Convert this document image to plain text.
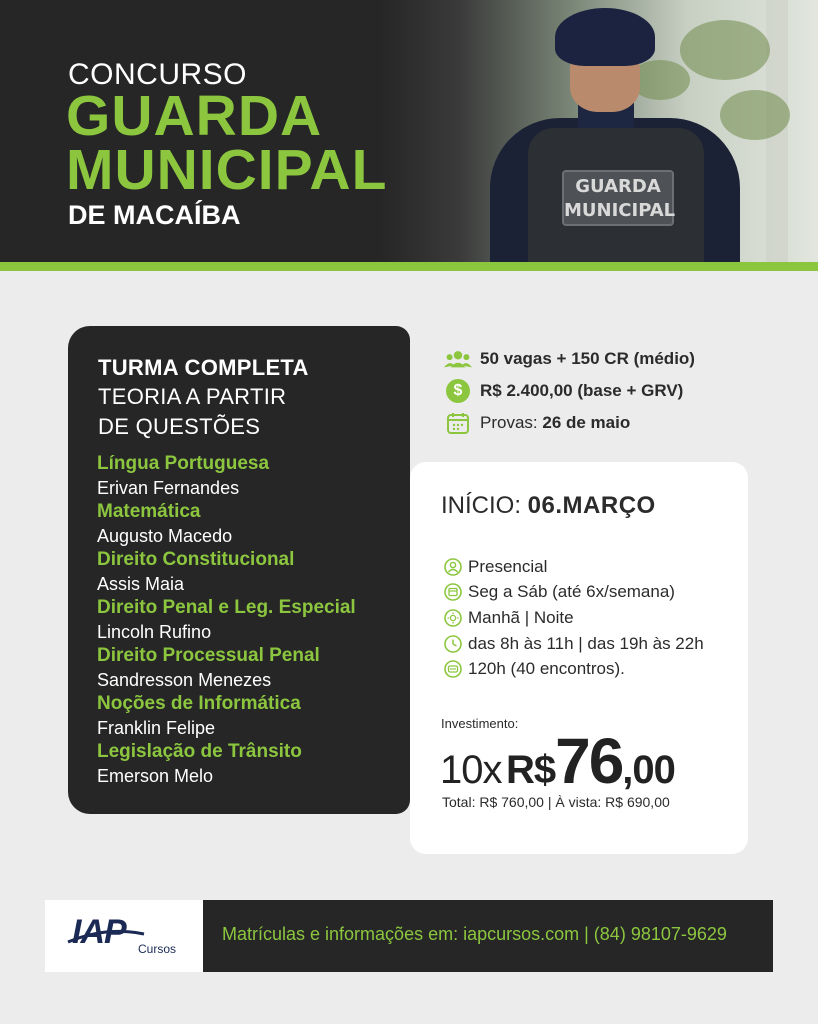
GUARDA
MUNICIPAL
CONCURSO
GUARDA
MUNICIPAL
DE MACAÍBA
TURMA COMPLETA
TEORIA A PARTIR
DE QUESTÕES
Língua Portuguesa
Erivan Fernandes
Matemática
Augusto Macedo
Direito Constitucional
Assis Maia
Direito Penal e Leg. Especial
Lincoln Rufino
Direito Processual Penal
Sandresson Menezes
Noções de Informática
Franklin Felipe
Legislação de Trânsito
Emerson Melo
50 vagas + 150 CR (médio)
$	R$ 2.400,00 (base + GRV)
Provas: 26 de maio
INÍCIO: 06.MARÇO
Presencial
Seg a Sáb (até 6x/semana)
Manhã | Noite
das 8h às 11h | das 19h às 22h
120h (40 encontros).
Investimento:
10x R$76,00
Total: R$ 760,00 | À vista: R$ 690,00
IAP Cursos
Matrículas e informações em: iapcursos.com | (84) 98107-9629
